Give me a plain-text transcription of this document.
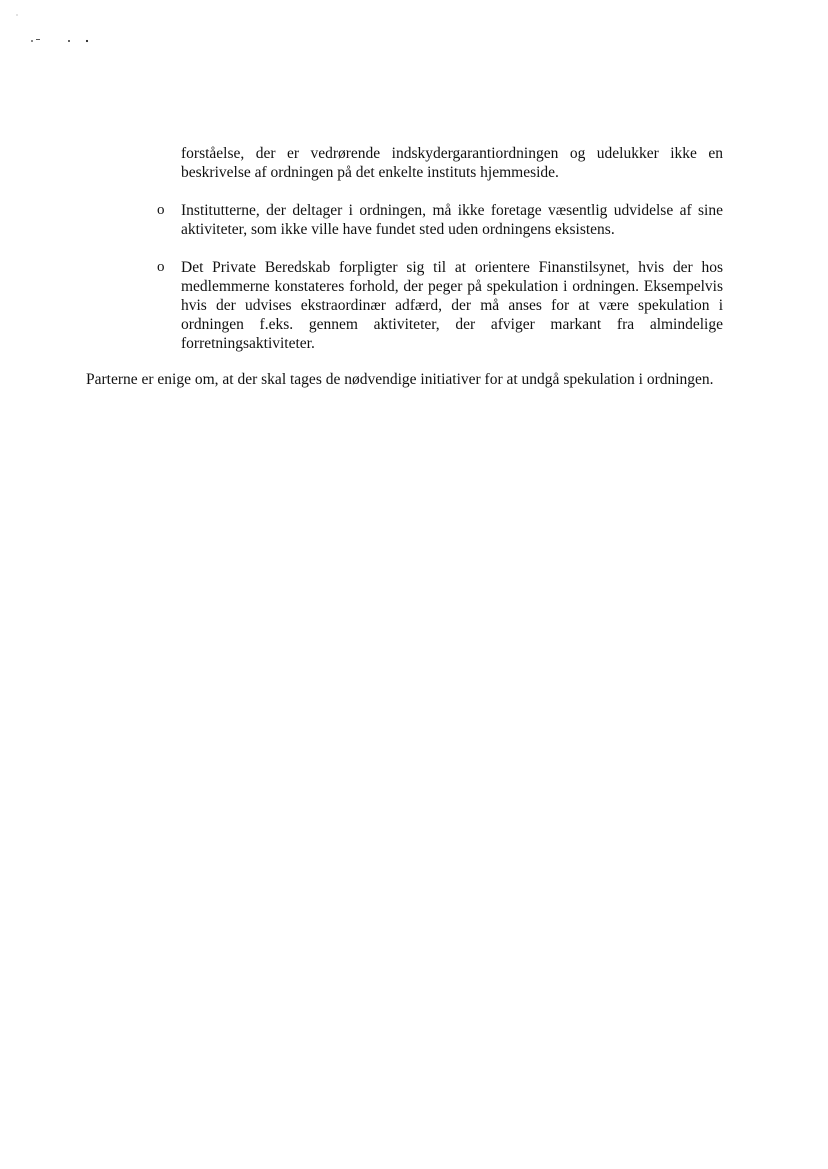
forståelse, der er vedrørende indskydergarantiordningen og udelukker ikke en beskrivelse af ordningen på det enkelte instituts hjemmeside.

o Institutterne, der deltager i ordningen, må ikke foretage væsentlig udvidelse af sine aktiviteter, som ikke ville have fundet sted uden ordningens eksistens.

o Det Private Beredskab forpligter sig til at orientere Finanstilsynet, hvis der hos medlemmerne konstateres forhold, der peger på spekulation i ordningen. Eksempelvis hvis der udvises ekstraordinær adfærd, der må anses for at være spekulation i ordningen f.eks. gennem aktiviteter, der afviger markant fra almindelige forretningsaktiviteter.

Parterne er enige om, at der skal tages de nødvendige initiativer for at undgå spekulation i ordningen.
